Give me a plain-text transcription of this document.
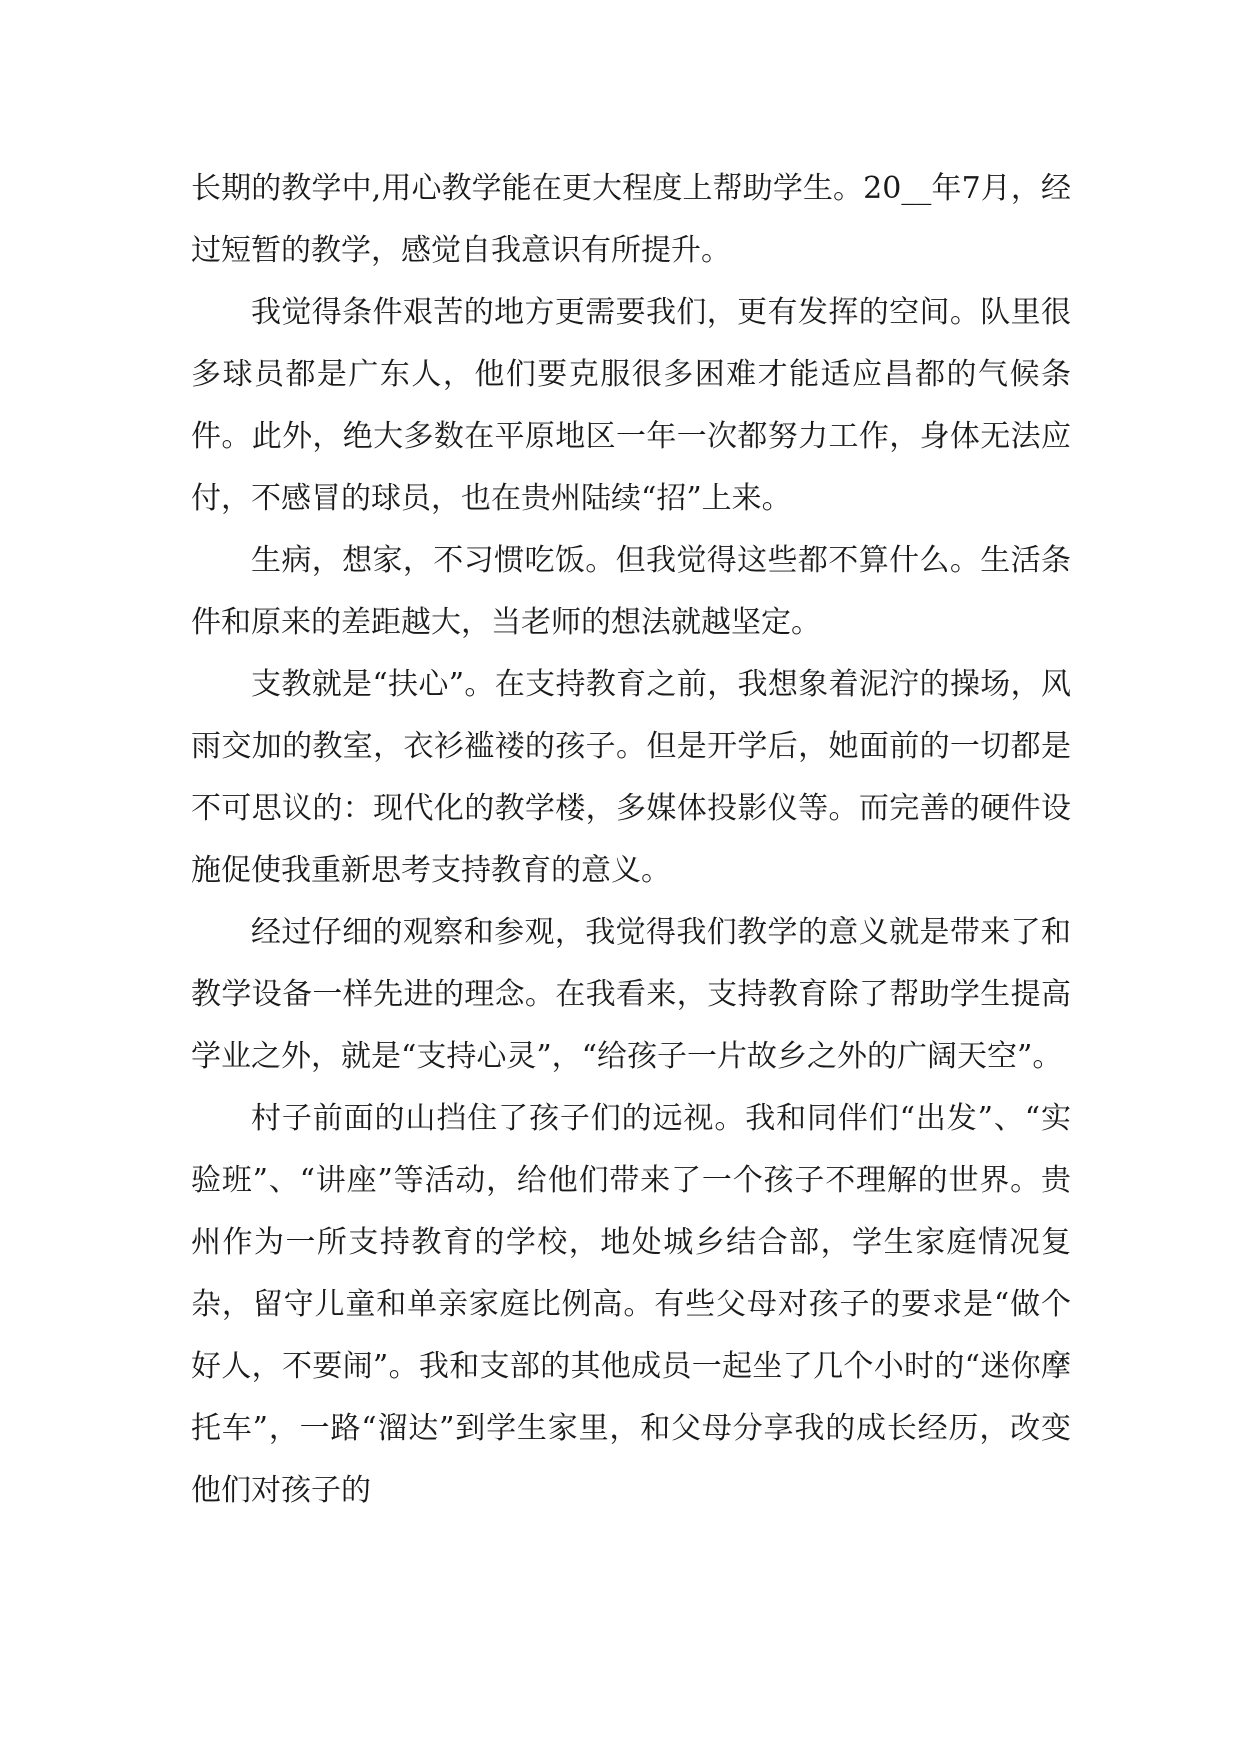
长期的教学中,用心教学能在更大程度上帮助学生。20__年7月，经过短暂的教学，感觉自我意识有所提升。

我觉得条件艰苦的地方更需要我们，更有发挥的空间。队里很多球员都是广东人，他们要克服很多困难才能适应昌都的气候条件。此外，绝大多数在平原地区一年一次都努力工作，身体无法应付，不感冒的球员，也在贵州陆续“招”上来。

生病，想家，不习惯吃饭。但我觉得这些都不算什么。生活条件和原来的差距越大，当老师的想法就越坚定。

支教就是“扶心”。在支持教育之前，我想象着泥泞的操场，风雨交加的教室，衣衫褴褛的孩子。但是开学后，她面前的一切都是不可思议的：现代化的教学楼，多媒体投影仪等。而完善的硬件设施促使我重新思考支持教育的意义。

经过仔细的观察和参观，我觉得我们教学的意义就是带来了和教学设备一样先进的理念。在我看来，支持教育除了帮助学生提高学业之外，就是“支持心灵”，“给孩子一片故乡之外的广阔天空”。

村子前面的山挡住了孩子们的远视。我和同伴们“出发”、“实验班”、“讲座”等活动，给他们带来了一个孩子不理解的世界。贵州作为一所支持教育的学校，地处城乡结合部，学生家庭情况复杂，留守儿童和单亲家庭比例高。有些父母对孩子的要求是“做个好人，不要闹”。我和支部的其他成员一起坐了几个小时的“迷你摩托车”，一路“溜达”到学生家里，和父母分享我的成长经历，改变他们对孩子的
